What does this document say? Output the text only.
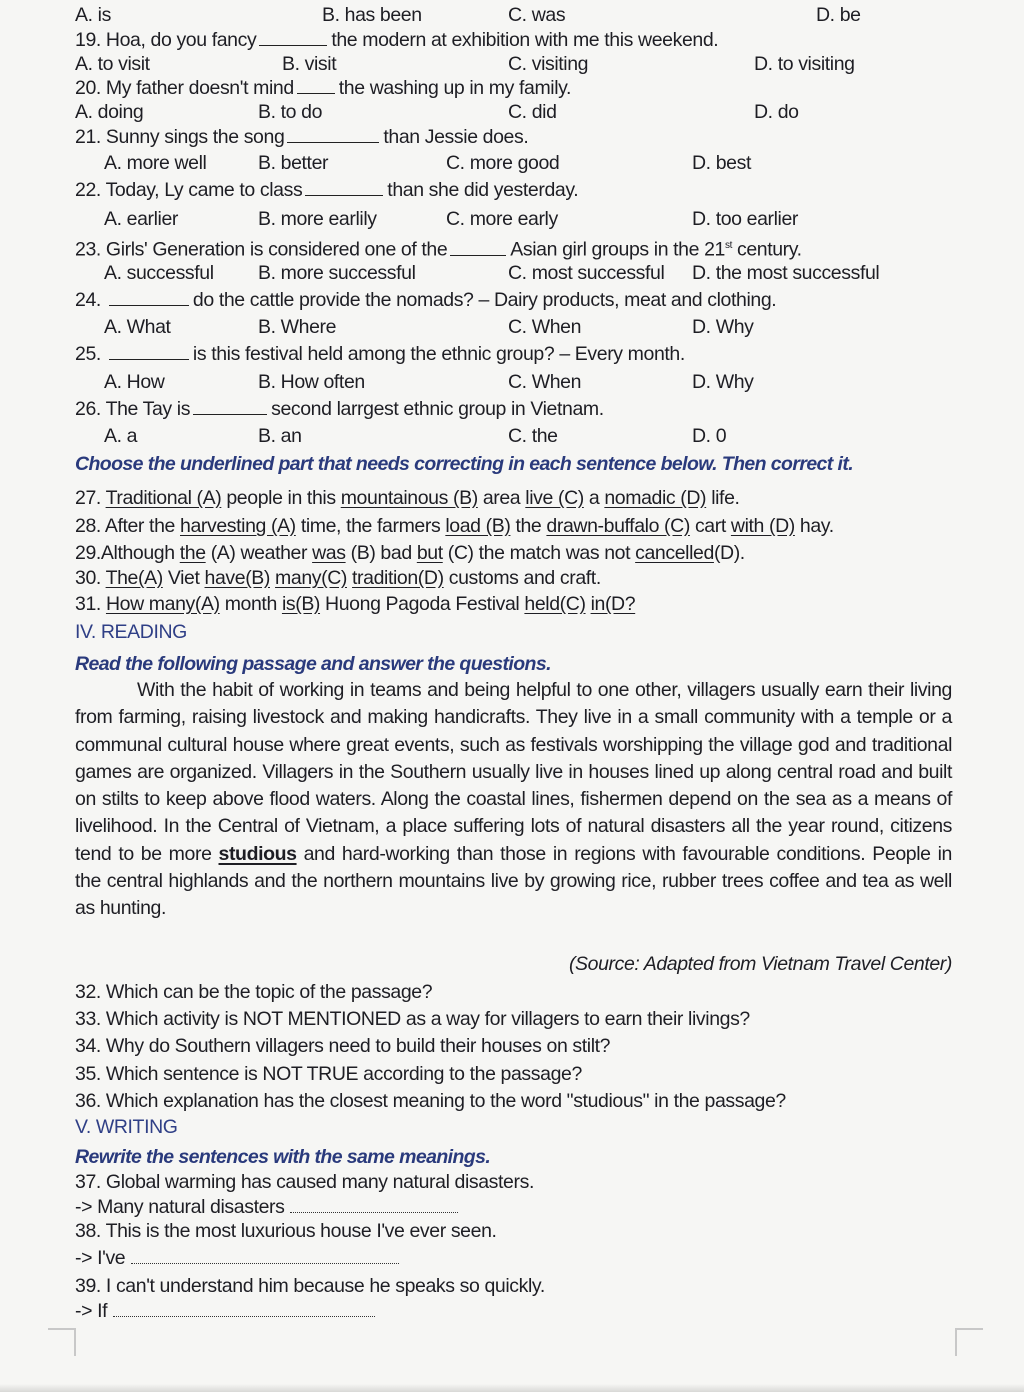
A. is	B. has been	C. was	D. be
19. Hoa, do you fancy	the modern at exhibition with me this weekend.
A. to visit	B. visit	C. visiting	D. to visiting
20. My father doesn't mind the washing up in my family.
A. doing	B. to do	C. did	D. do
21. Sunny sings the song	than Jessie does.
A. more well	B. better	C. more good	D. best
22. Today, Ly came to class	than she did yesterday.
A. earlier	B. more earlily	C. more early	D. too earlier
23. Girls' Generation is considered one of the	Asian girl groups in the 21st century.
A. successful B. more successful	C. most successful D. the most successful
24.	do the cattle provide the nomads? – Dairy products, meat and clothing.
A. What	B. Where	C. When	D. Why
25.	is this festival held among the ethnic group? – Every month.
A. How	B. How often	C. When	D. Why
26. The Tay is	second larrgest ethnic group in Vietnam.
A. a	B. an	C. the	D. 0
Choose the underlined part that needs correcting in each sentence below. Then correct it.
27. Traditional (A) people in this mountainous (B) area live (C) a nomadic (D) life.
28. After the harvesting (A) time, the farmers load (B) the drawn-buffalo (C) cart with (D) hay.
29.Although the (A) weather was (B) bad but (C) the match was not cancelled(D).
30. The(A) Viet have(B) many(C) tradition(D) customs and craft.
31. How many(A) month is(B) Huong Pagoda Festival held(C) in(D?
IV. READING
Read the following passage and answer the questions.

With the habit of working in teams and being helpful to one other, villagers usually earn their living from farming, raising livestock and making handicrafts. They live in a small community with a temple or a communal cultural house where great events, such as festivals worshipping the village god and traditional games are organized. Villagers in the Southern usually live in houses lined up along central road and built on stilts to keep above flood waters. Along the coastal lines, fishermen depend on the sea as a means of livelihood. In the Central of Vietnam, a place suffering lots of natural disasters all the year round, citizens tend to be more studious and hard-working than those in regions with favourable conditions. People in the central highlands and the northern mountains live by growing rice, rubber trees coffee and tea as well as hunting.

(Source: Adapted from Vietnam Travel Center)
32. Which can be the topic of the passage?
33. Which activity is NOT MENTIONED as a way for villagers to earn their livings?
34. Why do Southern villagers need to build their houses on stilt?
35. Which sentence is NOT TRUE according to the passage?
36. Which explanation has the closest meaning to the word "studious" in the passage?
V. WRITING
Rewrite the sentences with the same meanings.
37. Global warming has caused many natural disasters.
-> Many natural disasters
38. This is the most luxurious house I've ever seen.
-> I've
39. I can't understand him because he speaks so quickly.
-> If
